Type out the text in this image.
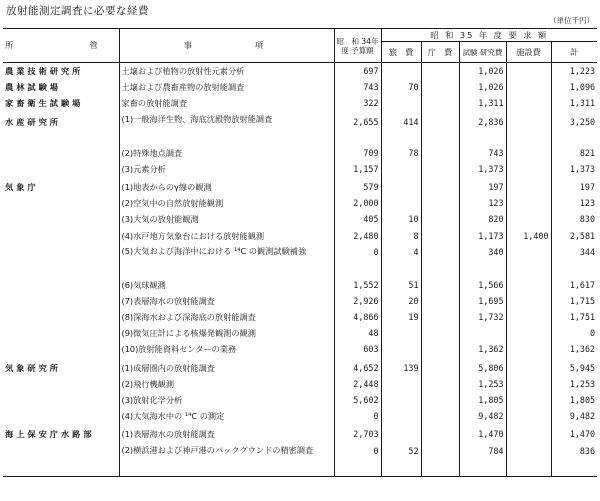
放射能測定調査に必要な経費
（単位千円）
所　　管	事　　　　項	昭　和 34年度 予算額	昭 和 35 年 度 要 求 額				
			旅　費	庁　費	試験 研究費	施設費	計
農業技術研究所	土壌および植物の放射性元素分析	697			1,026		1,223
農林試験場	土壌および農畜産物の放射能調査	743	70		1,026		1,096
家畜衛生試験場	家畜の放射能調査	322			1,311		1,311
水産研究所	(1)一般海洋生物、海底沈殿物放射能調査	2,655	414		2,836		3,250
	(2)特殊地点調査	709	78		743		821
	(3)元素分析	1,157			1,373		1,373
気象庁	(1)地表からのγ線の観測	579			197		197
	(2)空気中の自然放射能観測	2,000			123		123
	(3)大気の放射能観測	405	10		820		830
	(4)水戸地方気象台における放射能観測	2,480	8		1,173	1,400	2,581
	(5)大気および海洋中における ¹⁴C の観測試験補強	0	4		340		344
	(6)気球観測	1,552	51		1,566		1,617
	(7)表層海水の放射能調査	2,926	20		1,695		1,715
	(8)深海水および深海底の放射能調査	4,866	19		1,732		1,751
	(9)微気圧計による核爆発観測の観測	48					0
	(10)放射能資料センターの業務	603			1,362		1,362
気象研究所	(1)成層圏内の放射能調査	4,652	139		5,806		5,945
	(2)飛行機観測	2,448			1,253		1,253
	(3)放射化学分析	5,602			1,805		1,805
	(4)大気海水中の ¹⁴C の測定	0			9,482		9,482
海上保安庁水路部	(1)表層海水の放射能調査	2,703			1,470		1,470
	(2)横浜港および神戸港のバックグウンドの精密調査	0	52		784		836
